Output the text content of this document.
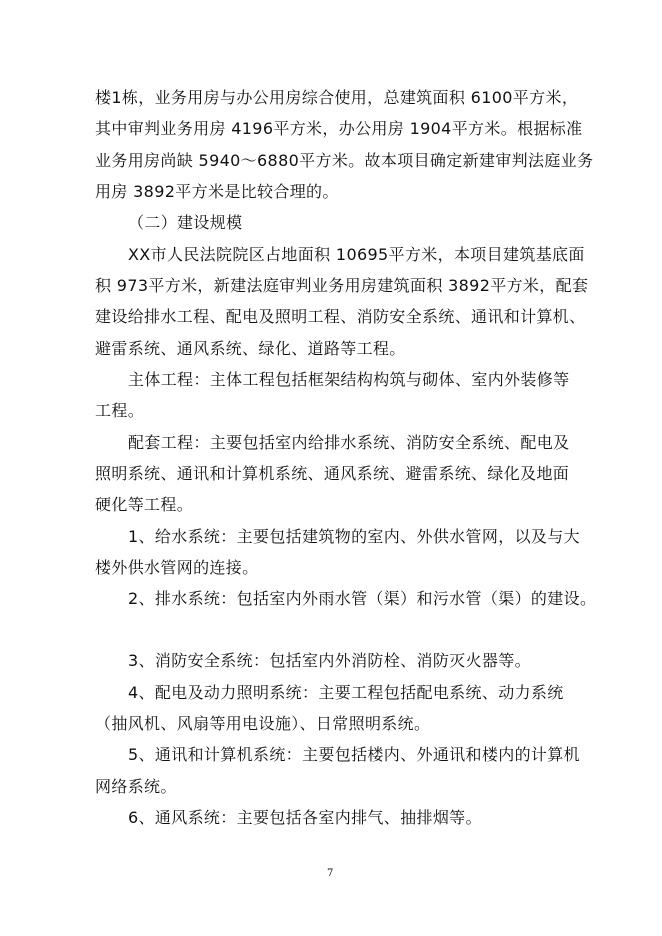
楼1栋，业务用房与办公用房综合使用，总建筑面积 6100平方米，
其中审判业务用房 4196平方米，办公用房 1904平方米。根据标准
业务用房尚缺 5940～6880平方米。故本项目确定新建审判法庭业务
用房 3892平方米是比较合理的。
（二）建设规模
XX市人民法院院区占地面积 10695平方米，本项目建筑基底面
积 973平方米，新建法庭审判业务用房建筑面积 3892平方米，配套
建设给排水工程、配电及照明工程、消防安全系统、通讯和计算机、
避雷系统、通风系统、绿化、道路等工程。
主体工程：主体工程包括框架结构构筑与砌体、室内外装修等
工程。
配套工程：主要包括室内给排水系统、消防安全系统、配电及
照明系统、通讯和计算机系统、通风系统、避雷系统、绿化及地面
硬化等工程。
1、给水系统：主要包括建筑物的室内、外供水管网，以及与大
楼外供水管网的连接。
2、排水系统：包括室内外雨水管（渠）和污水管（渠）的建设。
3、消防安全系统：包括室内外消防栓、消防灭火器等。
4、配电及动力照明系统：主要工程包括配电系统、动力系统
（抽风机、风扇等用电设施）、日常照明系统。
5、通讯和计算机系统：主要包括楼内、外通讯和楼内的计算机
网络系统。
6、通风系统：主要包括各室内排气、抽排烟等。
7
